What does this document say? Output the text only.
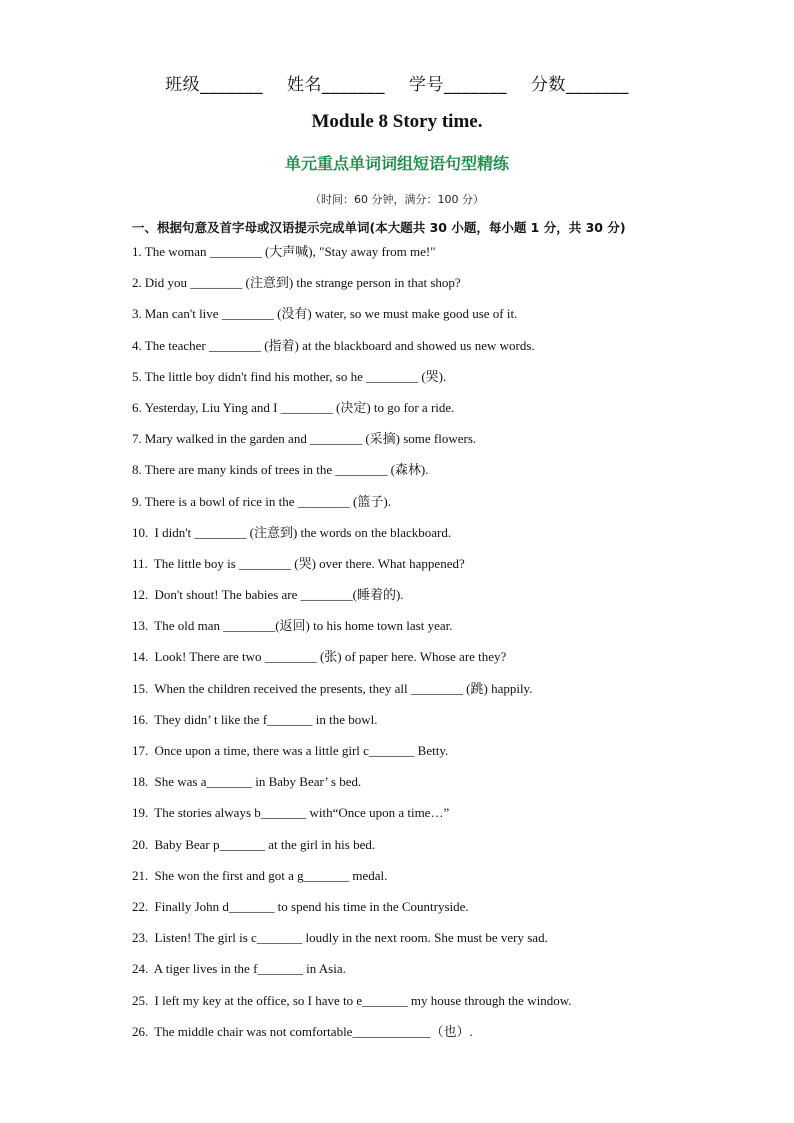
班级_______ 姓名_______ 学号_______ 分数_______
Module 8 Story time.
单元重点单词词组短语句型精练
（时间：60 分钟，满分：100 分）
一、根据句意及首字母或汉语提示完成单词(本大题共 30 小题，每小题 1 分，共 30 分)
1. The woman ________ (大声喊), "Stay away from me!"
2. Did you ________ (注意到) the strange person in that shop?
3. Man can't live ________ (没有) water, so we must make good use of it.
4. The teacher ________ (指着) at the blackboard and showed us new words.
5. The little boy didn't find his mother, so he ________ (哭).
6. Yesterday, Liu Ying and I ________ (决定) to go for a ride.
7. Mary walked in the garden and ________ (采摘) some flowers.
8. There are many kinds of trees in the ________ (森林).
9. There is a bowl of rice in the ________ (篮子).
10. I didn't ________ (注意到) the words on the blackboard.
11. The little boy is ________ (哭) over there. What happened?
12. Don't shout! The babies are ________(睡着的).
13. The old man ________(返回) to his home town last year.
14. Look! There are two ________ (张) of paper here. Whose are they?
15. When the children received the presents, they all ________ (跳) happily.
16. They didn’ t like the f_______ in the bowl.
17. Once upon a time, there was a little girl c_______ Betty.
18. She was a_______ in Baby Bear’ s bed.
19. The stories always b_______ with“Once upon a time…”
20. Baby Bear p_______ at the girl in his bed.
21. She won the first and got a g_______ medal.
22. Finally John d_______ to spend his time in the Countryside.
23. Listen! The girl is c_______ loudly in the next room. She must be very sad.
24. A tiger lives in the f_______ in Asia.
25. I left my key at the office, so I have to e_______ my house through the window.
26. The middle chair was not comfortable____________（也）.
